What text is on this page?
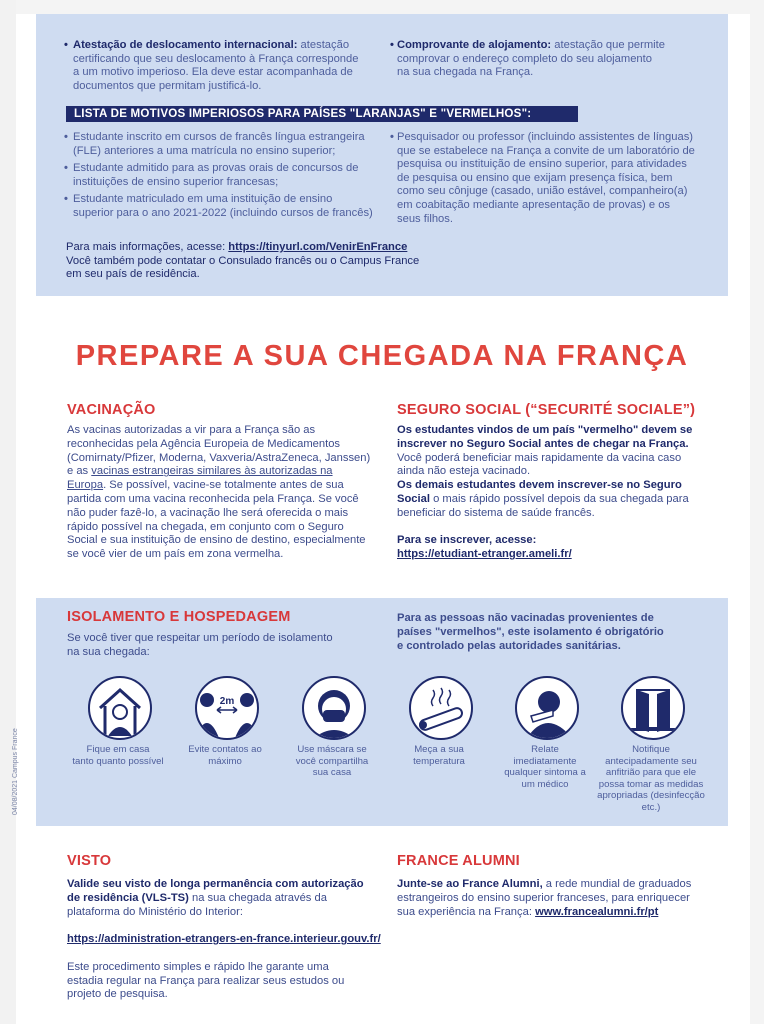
• Atestação de deslocamento internacional: atestação
certificando que seu deslocamento à França corresponde
a um motivo imperioso. Ela deve estar acompanhada de
documentos que permitam justificá-lo.
• Comprovante de alojamento: atestação que permite
comprovar o endereço completo do seu alojamento
na sua chegada na França.
LISTA DE MOTIVOS IMPERIOSOS PARA PAÍSES "LARANJAS" E "VERMELHOS":
• Estudante inscrito em cursos de francês língua estrangeira
(FLE) anteriores a uma matrícula no ensino superior;
• Estudante admitido para as provas orais de concursos de
instituições de ensino superior francesas;
• Estudante matriculado em uma instituição de ensino
superior para o ano 2021-2022 (incluindo cursos de francês)
• Pesquisador ou professor (incluindo assistentes de línguas)
que se estabelece na França a convite de um laboratório de
pesquisa ou instituição de ensino superior, para atividades
de pesquisa ou ensino que exijam presença física, bem
como seu cônjuge (casado, união estável, companheiro(a)
em coabitação mediante apresentação de provas) e os
seus filhos.
Para mais informações, acesse: https://tinyurl.com/VenirEnFrance
Você também pode contatar o Consulado francês ou o Campus France
em seu país de residência.
PREPARE A SUA CHEGADA NA FRANÇA
VACINAÇÃO
As vacinas autorizadas a vir para a França são as
reconhecidas pela Agência Europeia de Medicamentos
(Comirnaty/Pfizer, Moderna, Vaxveria/AstraZeneca, Janssen)
e as vacinas estrangeiras similares às autorizadas na
Europa. Se possível, vacine-se totalmente antes de sua
partida com uma vacina reconhecida pela França. Se você
não puder fazê-lo, a vacinação lhe será oferecida o mais
rápido possível na chegada, em conjunto com o Seguro
Social e sua instituição de ensino de destino, especialmente
se você vier de um país em zona vermelha.
SEGURO SOCIAL (“SECURITÉ SOCIALE”)
Os estudantes vindos de um país "vermelho" devem se
inscrever no Seguro Social antes de chegar na França.
Você poderá beneficiar mais rapidamente da vacina caso
ainda não esteja vacinado.
Os demais estudantes devem inscrever-se no Seguro
Social o mais rápido possível depois da sua chegada para
beneficiar do sistema de saúde francês.

Para se inscrever, acesse:
https://etudiant-etranger.ameli.fr/
ISOLAMENTO E HOSPEDAGEM
Se você tiver que respeitar um período de isolamento
na sua chegada:
Para as pessoas não vacinadas provenientes de
países "vermelhos", este isolamento é obrigatório
e controlado pelas autoridades sanitárias.
2m
Fique em casa
tanto quanto possível
Evite contatos ao
máximo
Use máscara se
você compartilha
sua casa
Meça a sua
temperatura
Relate
imediatamente
qualquer sintoma a
um médico
Notifique
antecipadamente seu
anfitrião para que ele
possa tomar as medidas
apropriadas (desinfecção
etc.)
04/08/2021 Campus France
VISTO
Valide seu visto de longa permanência com autorização
de residência (VLS-TS) na sua chegada através da
plataforma do Ministério do Interior:

https://administration-etrangers-en-france.interieur.gouv.fr/

Este procedimento simples e rápido lhe garante uma
estadia regular na França para realizar seus estudos ou
projeto de pesquisa.
FRANCE ALUMNI
Junte-se ao France Alumni, a rede mundial de graduados
estrangeiros do ensino superior franceses, para enriquecer
sua experiência na França: www.francealumni.fr/pt
